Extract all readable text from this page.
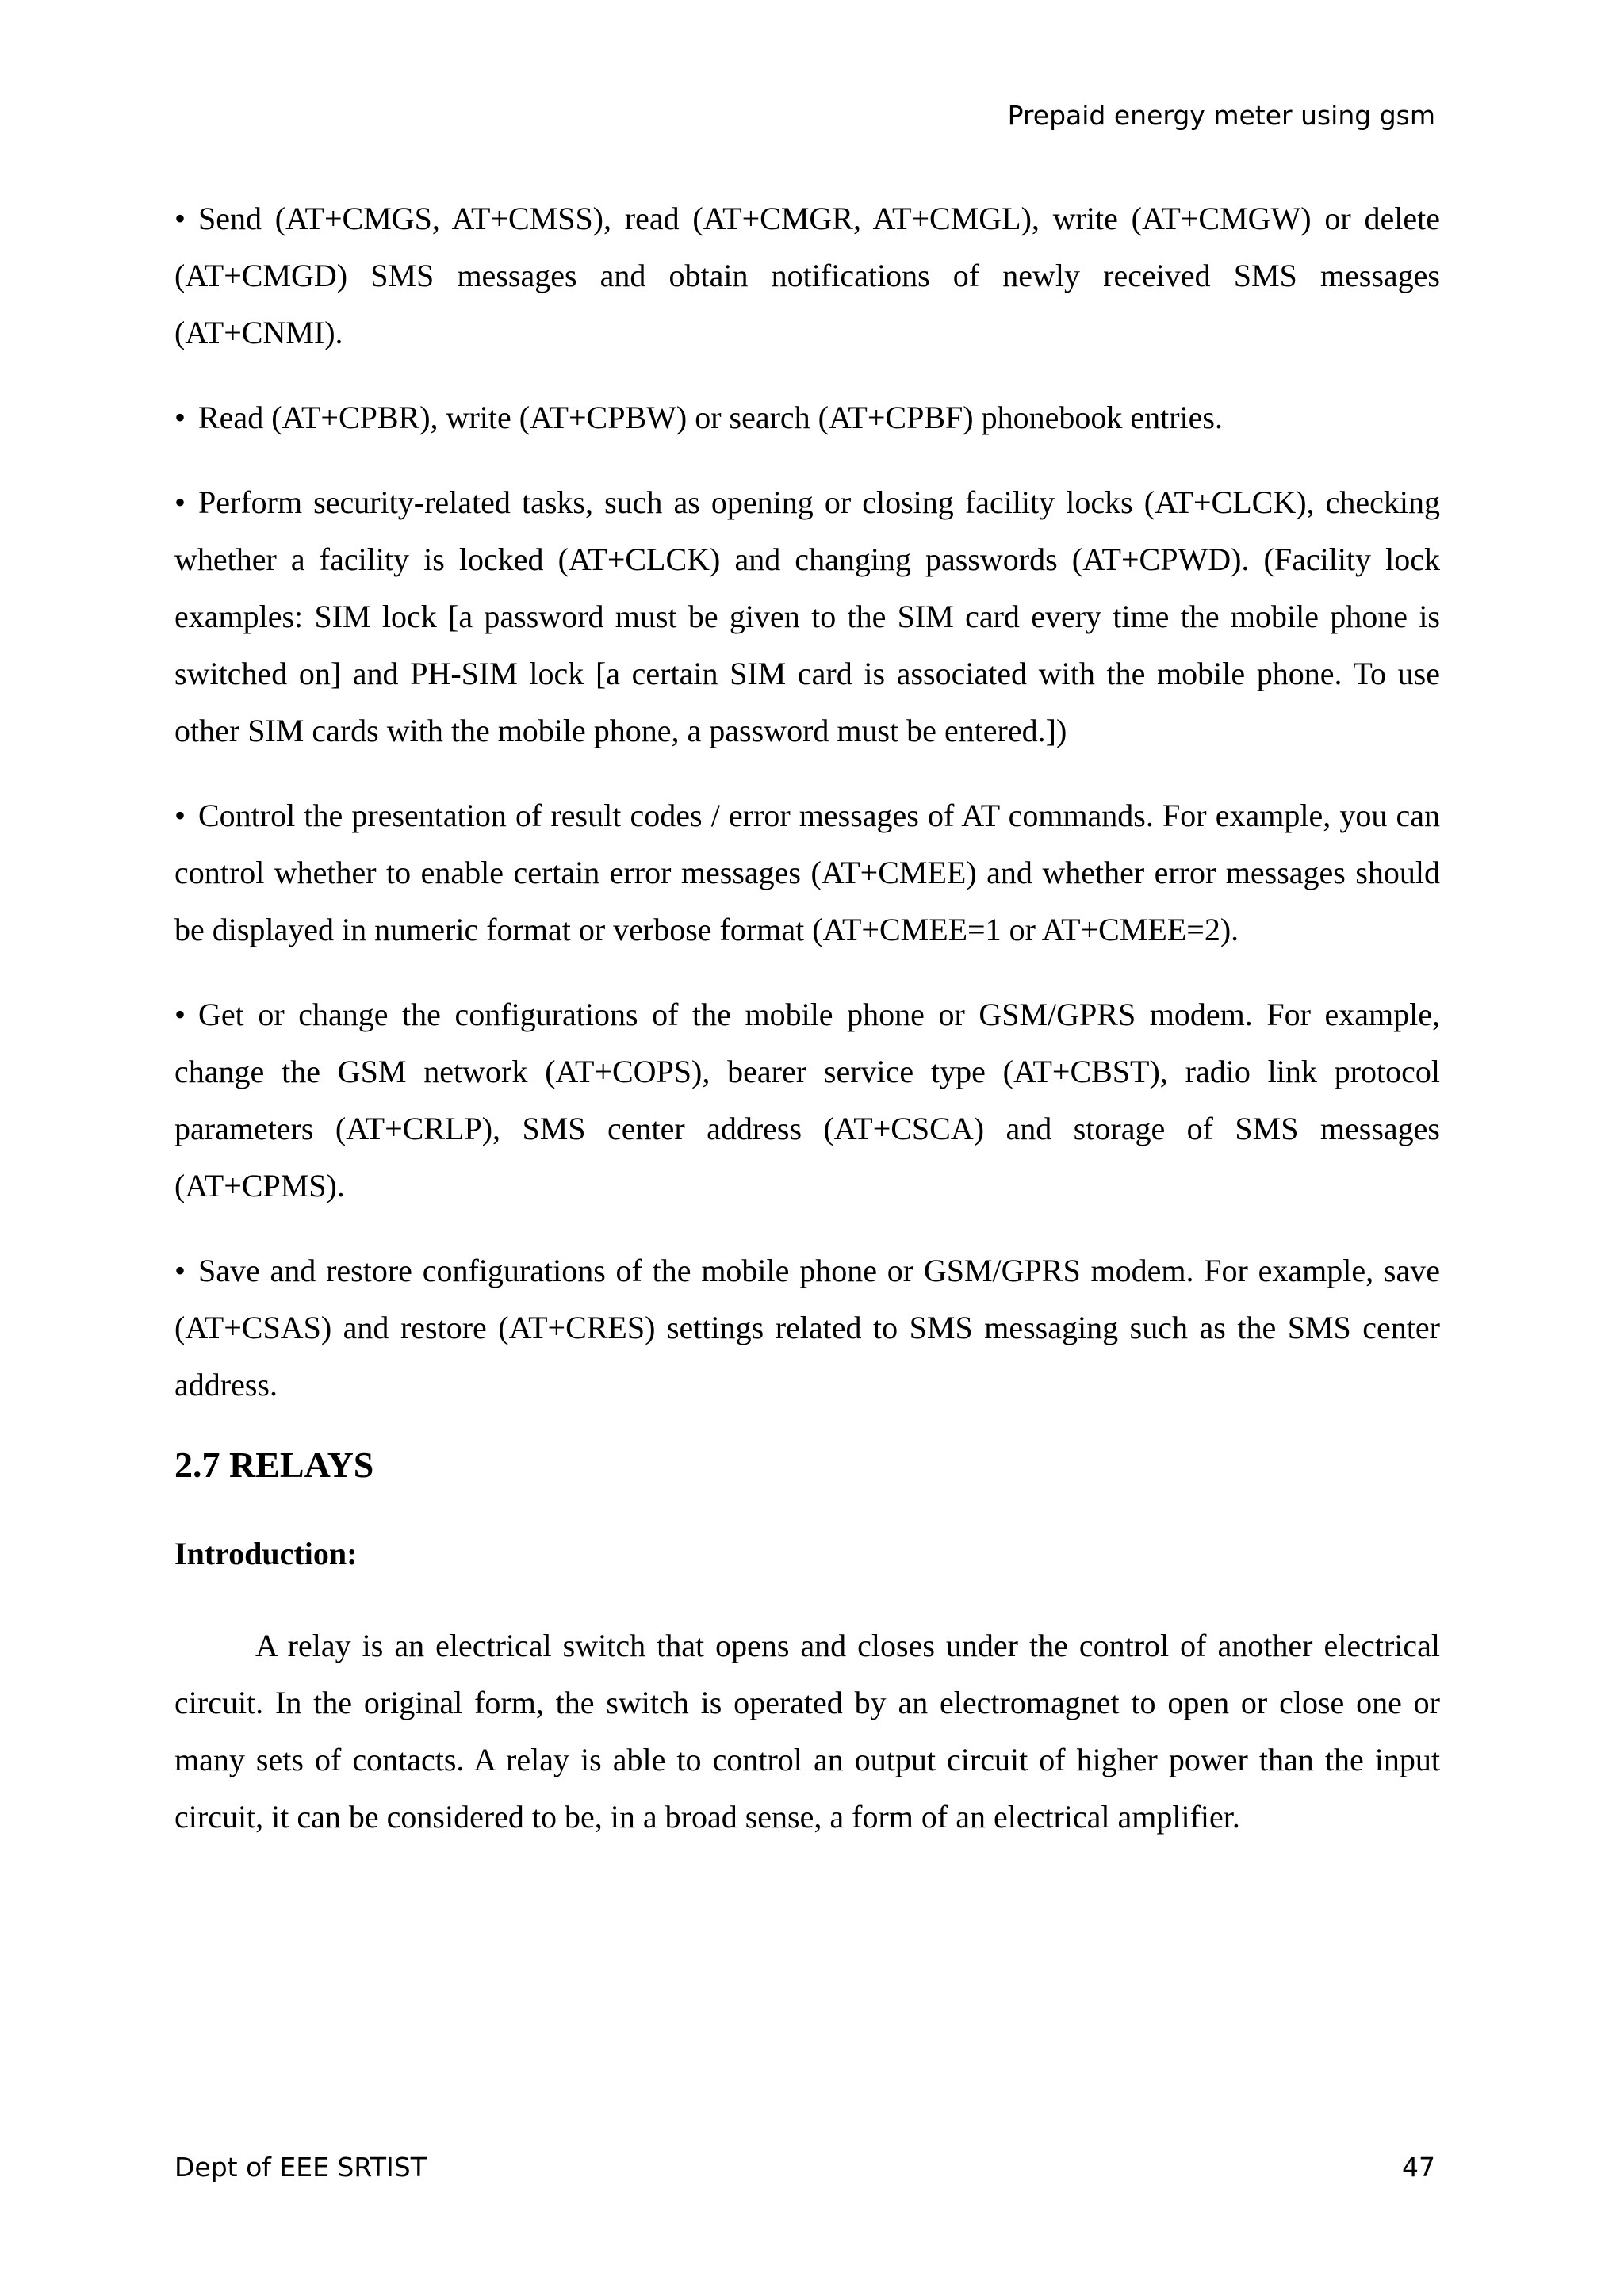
Prepaid energy meter using gsm

• Send (AT+CMGS, AT+CMSS), read (AT+CMGR, AT+CMGL), write (AT+CMGW) or delete (AT+CMGD) SMS messages and obtain notifications of newly received SMS messages (AT+CNMI).

• Read (AT+CPBR), write (AT+CPBW) or search (AT+CPBF) phonebook entries.

• Perform security-related tasks, such as opening or closing facility locks (AT+CLCK), checking whether a facility is locked (AT+CLCK) and changing passwords (AT+CPWD). (Facility lock examples: SIM lock [a password must be given to the SIM card every time the mobile phone is switched on] and PH-SIM lock [a certain SIM card is associated with the mobile phone. To use other SIM cards with the mobile phone, a password must be entered.])

• Control the presentation of result codes / error messages of AT commands. For example, you can control whether to enable certain error messages (AT+CMEE) and whether error messages should be displayed in numeric format or verbose format (AT+CMEE=1 or AT+CMEE=2).

• Get or change the configurations of the mobile phone or GSM/GPRS modem. For example, change the GSM network (AT+COPS), bearer service type (AT+CBST), radio link protocol parameters (AT+CRLP), SMS center address (AT+CSCA) and storage of SMS messages (AT+CPMS).

• Save and restore configurations of the mobile phone or GSM/GPRS modem. For example, save (AT+CSAS) and restore (AT+CRES) settings related to SMS messaging such as the SMS center address.

2.7 RELAYS
Introduction:

A relay is an electrical switch that opens and closes under the control of another electrical circuit. In the original form, the switch is operated by an electromagnet to open or close one or many sets of contacts. A relay is able to control an output circuit of higher power than the input circuit, it can be considered to be, in a broad sense, a form of an electrical amplifier.

Dept of EEE SRTIST	47
